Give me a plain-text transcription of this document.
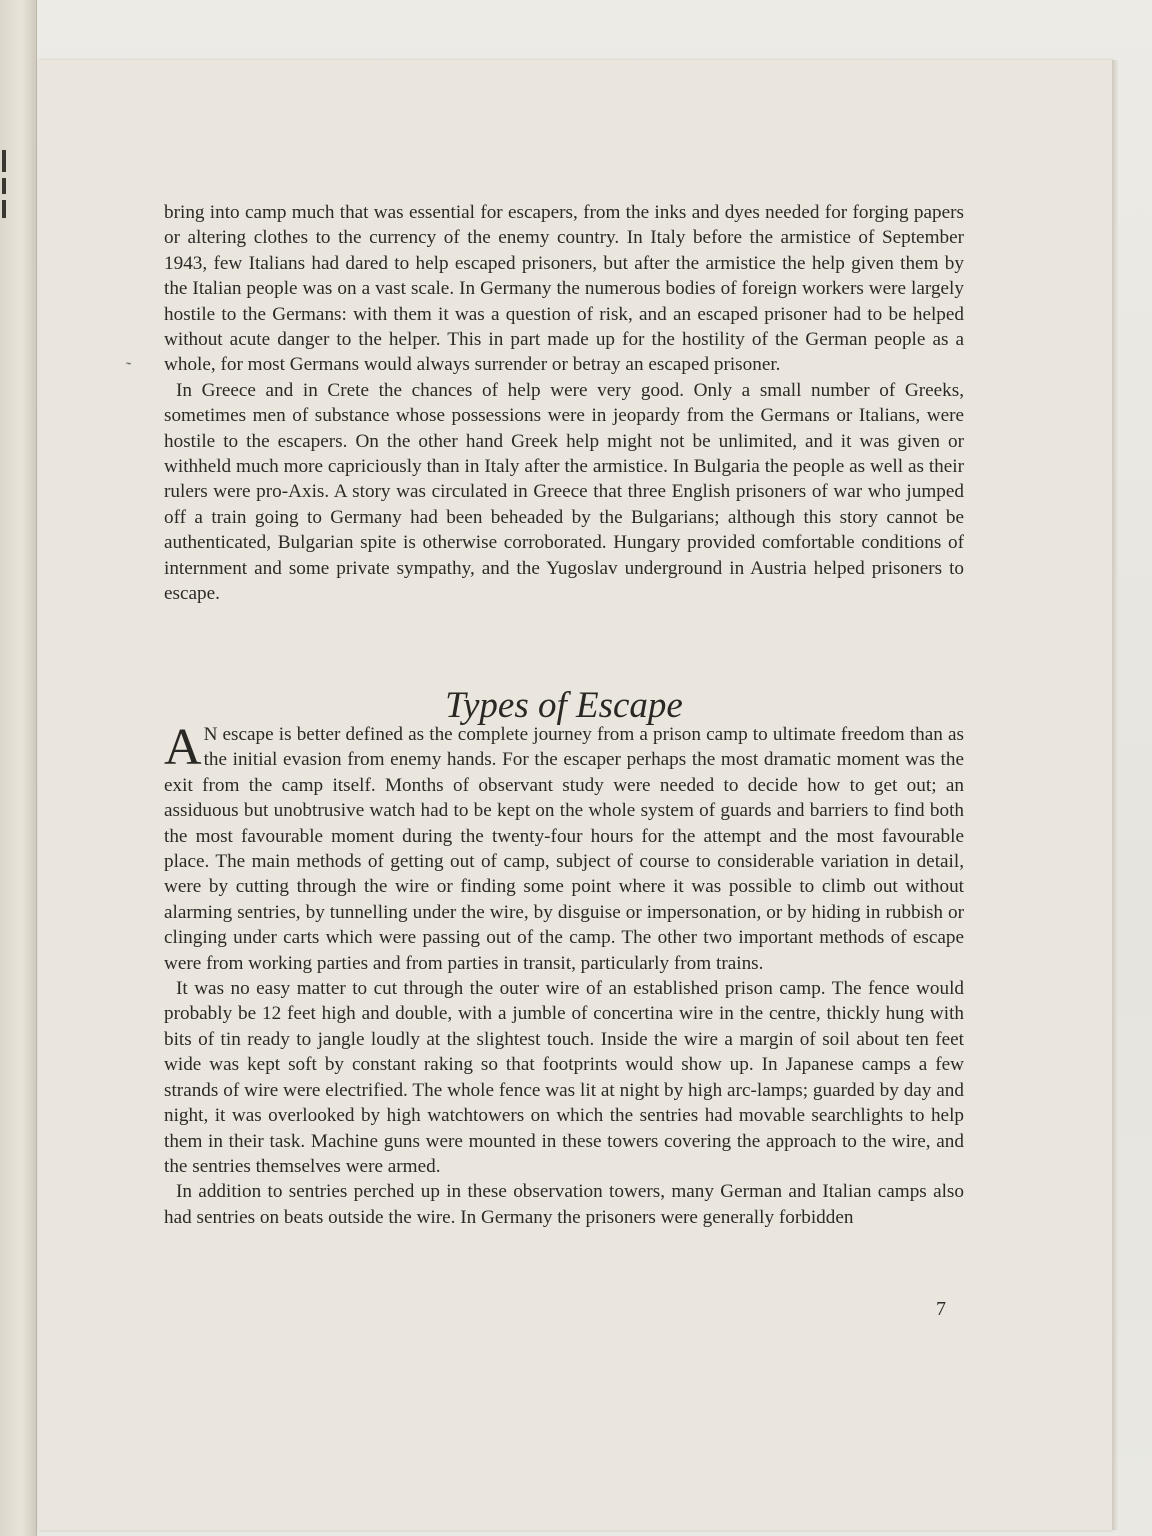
˜

bring into camp much that was essential for escapers, from the inks and dyes needed for forging papers or altering clothes to the currency of the enemy country. In Italy before the armistice of September 1943, few Italians had dared to help escaped prisoners, but after the armistice the help given them by the Italian people was on a vast scale. In Germany the numerous bodies of foreign workers were largely hostile to the Germans: with them it was a question of risk, and an escaped prisoner had to be helped without acute danger to the helper. This in part made up for the hostility of the German people as a whole, for most Germans would always surrender or betray an escaped prisoner.

In Greece and in Crete the chances of help were very good. Only a small number of Greeks, sometimes men of substance whose possessions were in jeopardy from the Germans or Italians, were hostile to the escapers. On the other hand Greek help might not be unlimited, and it was given or withheld much more capriciously than in Italy after the armistice. In Bulgaria the people as well as their rulers were pro-Axis. A story was circulated in Greece that three English prisoners of war who jumped off a train going to Germany had been beheaded by the Bulgarians; although this story cannot be authenticated, Bulgarian spite is otherwise corroborated. Hungary provided comfortable conditions of internment and some private sympathy, and the Yugoslav underground in Austria helped prisoners to escape.

Types of Escape

A N escape is better defined as the complete journey from a prison camp to ultimate freedom than as the initial evasion from enemy hands. For the escaper perhaps the most dramatic moment was the exit from the camp itself. Months of observant study were needed to decide how to get out; an assiduous but unobtrusive watch had to be kept on the whole system of guards and barriers to find both the most favourable moment during the twenty-four hours for the attempt and the most favourable place. The main methods of getting out of camp, subject of course to considerable variation in detail, were by cutting through the wire or finding some point where it was possible to climb out without alarming sentries, by tunnelling under the wire, by disguise or impersonation, or by hiding in rubbish or clinging under carts which were passing out of the camp. The other two important methods of escape were from working parties and from parties in transit, particularly from trains.

It was no easy matter to cut through the outer wire of an established prison camp. The fence would probably be 12 feet high and double, with a jumble of concertina wire in the centre, thickly hung with bits of tin ready to jangle loudly at the slightest touch. Inside the wire a margin of soil about ten feet wide was kept soft by constant raking so that footprints would show up. In Japanese camps a few strands of wire were electrified. The whole fence was lit at night by high arc-lamps; guarded by day and night, it was overlooked by high watchtowers on which the sentries had movable searchlights to help them in their task. Machine guns were mounted in these towers covering the approach to the wire, and the sentries themselves were armed.

In addition to sentries perched up in these observation towers, many German and Italian camps also had sentries on beats outside the wire. In Germany the prisoners were generally forbidden

7
